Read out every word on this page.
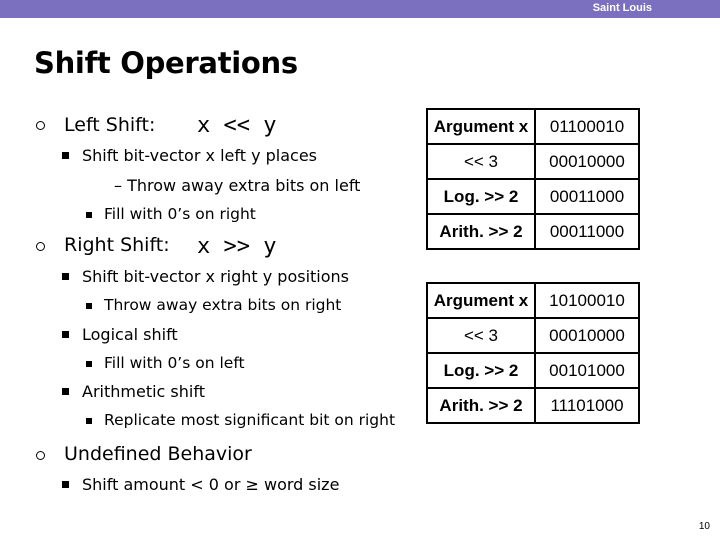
Saint Louis
Shift Operations
Left Shift: x << y
Shift bit-vector x left y places
– Throw away extra bits on left
Fill with 0’s on right
Right Shift: x >> y
Shift bit-vector x right y positions
Throw away extra bits on right
Logical shift
Fill with 0’s on left
Arithmetic shift
Replicate most significant bit on right
Undefined Behavior
Shift amount < 0 or ≥ word size
Argument x	01100010
<< 3	00010000
Log. >> 2	00011000
Arith. >> 2	00011000
Argument x	10100010
<< 3	00010000
Log. >> 2	00101000
Arith. >> 2	11101000
10
